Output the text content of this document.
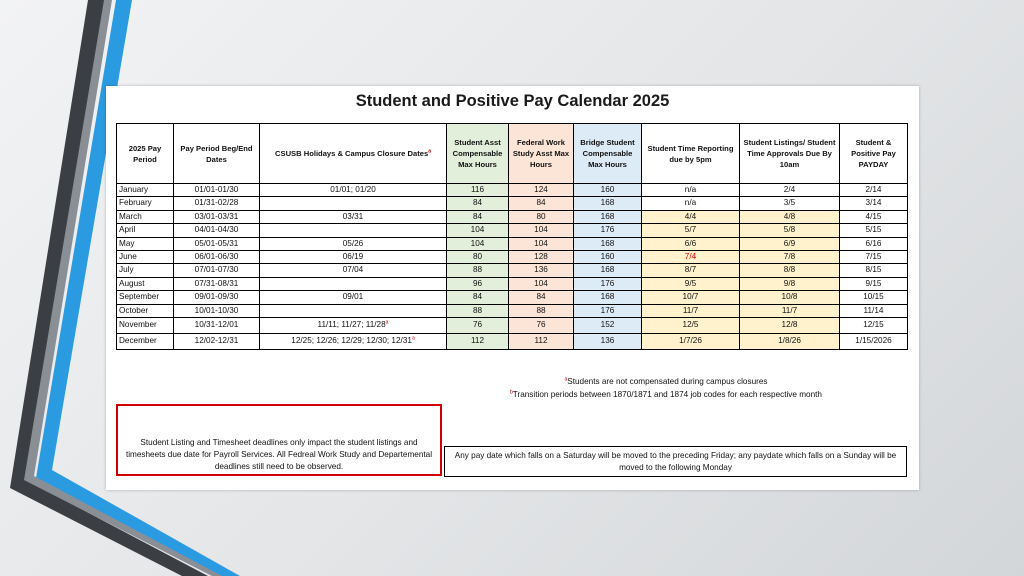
Student and Positive Pay Calendar 2025
2025 Pay Period	Pay Period Beg/End Dates	CSUSB Holidays & Campus Closure Dates$^a$	Student Asst Compensable Max Hours	Federal Work Study Asst Max Hours	Bridge Student Compensable Max Hours	Student Time Reporting due by 5pm	Student Listings/ Student Time Approvals Due By 10am	Student & Positive Pay PAYDAY
January	01/01-01/30	01/01; 01/20	116	124	160	n/a	2/4	2/14
February	01/31-02/28		84	84	168	n/a	3/5	3/14
March	03/01-03/31	03/31	84	80	168	4/4	4/8	4/15
April	04/01-04/30		104	104	176	5/7	5/8	5/15
May	05/01-05/31	05/26	104	104	168	6/6	6/9	6/16
June	06/01-06/30	06/19	80	128	160	7/4	7/8	7/15
July	07/01-07/30	07/04	88	136	168	8/7	8/8	8/15
August	07/31-08/31		96	104	176	9/5	9/8	9/15
September	09/01-09/30	09/01	84	84	168	10/7	10/8	10/15
October	10/01-10/30		88	88	176	11/7	11/7	11/14
November	10/31-12/01	11/11; 11/27; 11/28$^a$	76	76	152	12/5	12/8	12/15
December	12/02-12/31	12/25; 12/26; 12/29; 12/30; 12/31$^a$	112	112	136	1/7/26	1/8/26	1/15/2026
$^a$Students are not compensated during campus closures
$^b$Transition periods between 1870/1871 and 1874 job codes for each respective month
Student Listing and Timesheet deadlines only impact the student listings and timesheets due date for Payroll Services. All Fedreal Work Study and Departemental deadlines still need to be observed.
Any pay date which falls on a Saturday will be moved to the preceding Friday; any paydate which falls on a Sunday will be moved to the following Monday
